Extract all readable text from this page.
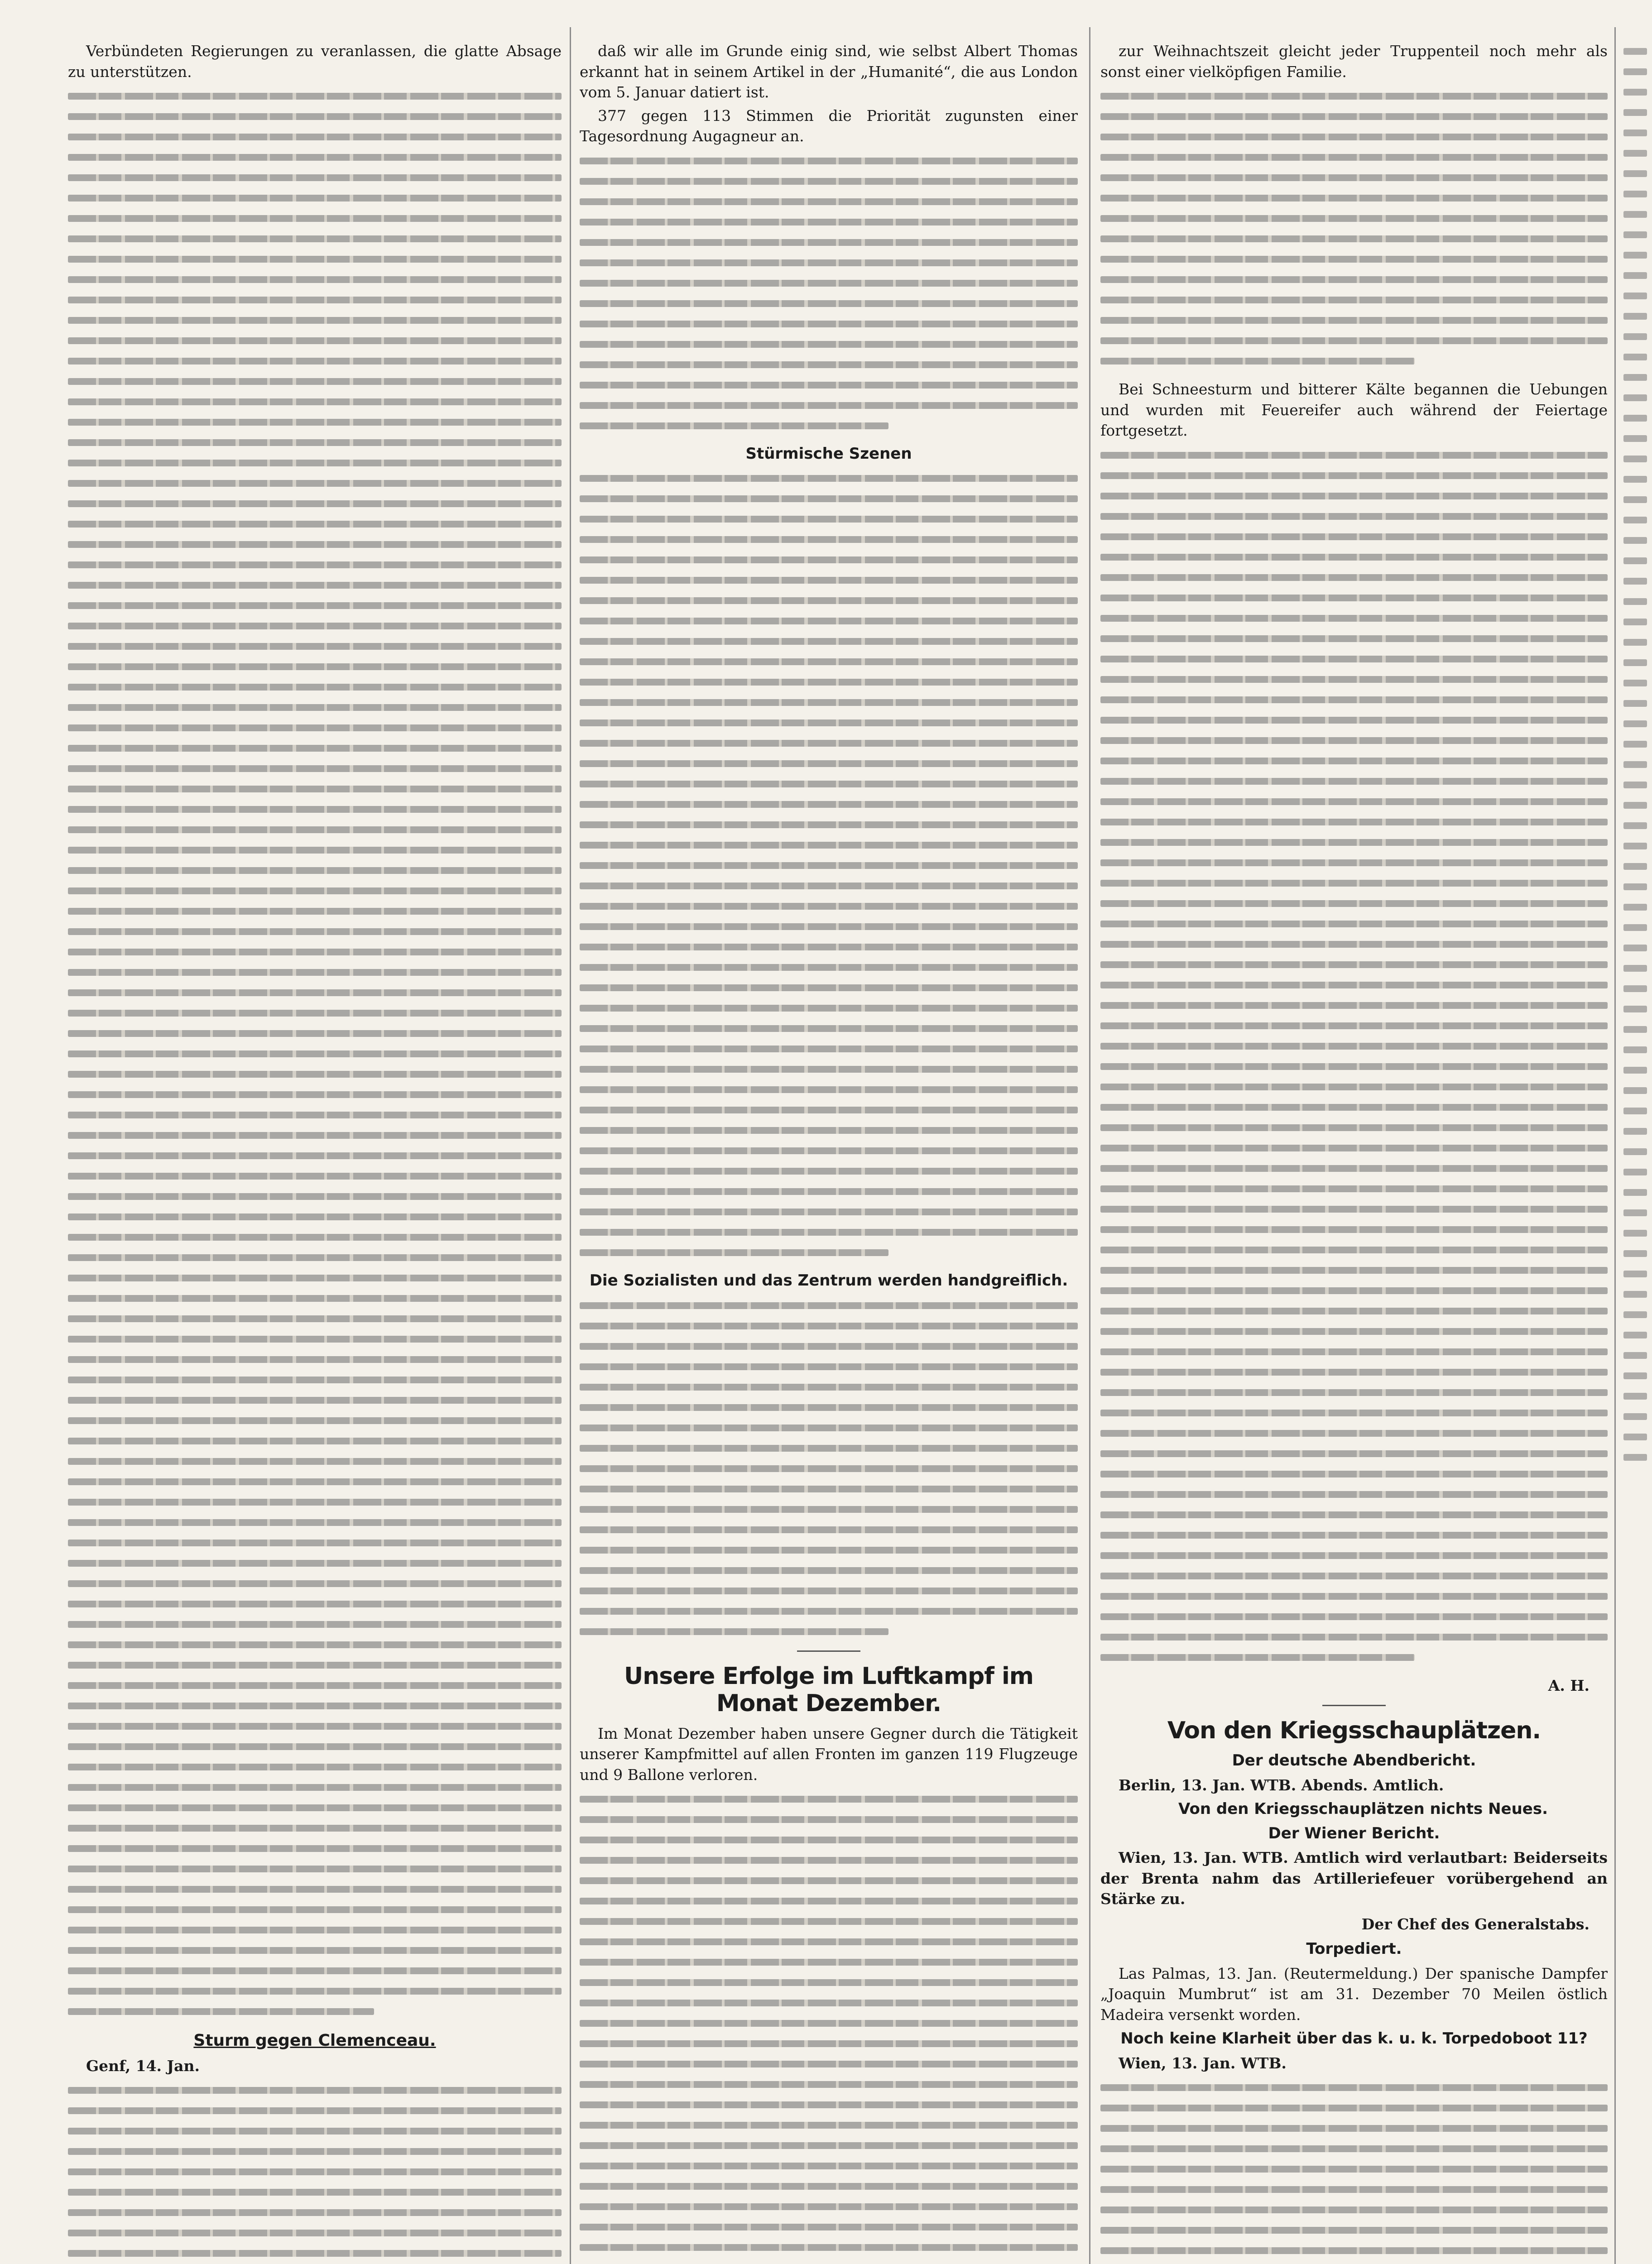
Verbündeten Regierungen zu veranlassen, die glatte Absage zu unterstützen.

Sturm gegen Clemenceau.

Genf, 14. Jan.

daß wir alle im Grunde einig sind, wie selbst Albert Thomas erkannt hat in seinem Artikel in der „Humanité“, die aus London vom 5. Januar datiert ist.

377 gegen 113 Stimmen die Priorität zugunsten einer Tagesordnung Augagneur an.

Stürmische Szenen
Die Sozialisten und das Zentrum werden handgreiflich.
Unsere Erfolge im Luftkampf im Monat Dezember.

Im Monat Dezember haben unsere Gegner durch die Tätigkeit unserer Kampfmittel auf allen Fronten im ganzen 119 Flugzeuge und 9 Ballone verloren.

zur Weihnachtszeit gleicht jeder Truppenteil noch mehr als sonst einer vielköpfigen Familie.

Bei Schneesturm und bitterer Kälte begannen die Uebungen und wurden mit Feuereifer auch während der Feiertage fortgesetzt.

A. H.
Von den Kriegsschauplätzen.
Der deutsche Abendbericht.

Berlin, 13. Jan. WTB. Abends. Amtlich.

Von den Kriegsschauplätzen nichts Neues.

Der Wiener Bericht.

Wien, 13. Jan. WTB. Amtlich wird verlautbart: Beiderseits der Brenta nahm das Artilleriefeuer vorübergehend an Stärke zu.

Der Chef des Generalstabs.
Torpediert.

Las Palmas, 13. Jan. (Reutermeldung.) Der spanische Dampfer „Joaquin Mumbrut“ ist am 31. Dezember 70 Meilen östlich Madeira versenkt worden.

Noch keine Klarheit über das k. u. k. Torpedoboot 11?

Wien, 13. Jan. WTB.
